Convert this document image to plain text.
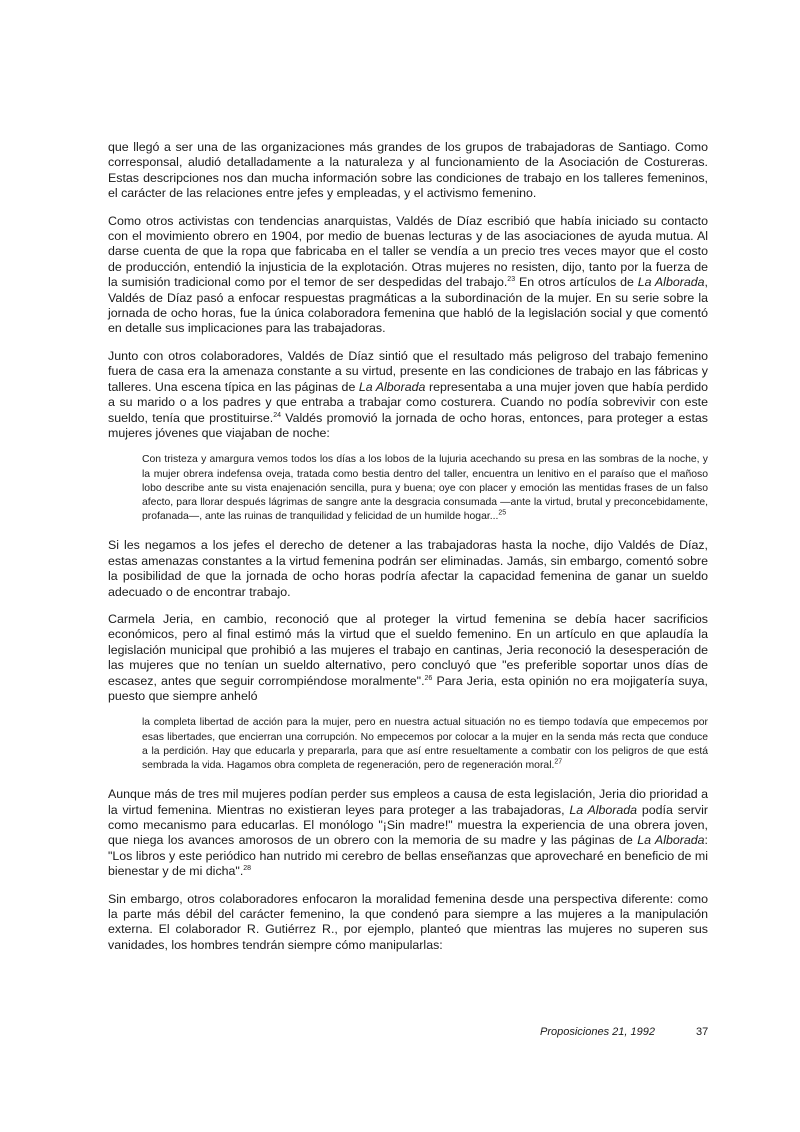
que llegó a ser una de las organizaciones más grandes de los grupos de trabajadoras de Santiago. Como corresponsal, aludió detalladamente a la naturaleza y al funcionamiento de la Asociación de Costureras. Estas descripciones nos dan mucha información sobre las condiciones de trabajo en los talleres femeninos, el carácter de las relaciones entre jefes y empleadas, y el activismo femenino.

Como otros activistas con tendencias anarquistas, Valdés de Díaz escribió que había iniciado su contacto con el movimiento obrero en 1904, por medio de buenas lecturas y de las asociaciones de ayuda mutua. Al darse cuenta de que la ropa que fabricaba en el taller se vendía a un precio tres veces mayor que el costo de producción, entendió la injusticia de la explotación. Otras mujeres no resisten, dijo, tanto por la fuerza de la sumisión tradicional como por el temor de ser despedidas del trabajo.$^{23}$ En otros artículos de La Alborada, Valdés de Díaz pasó a enfocar respuestas pragmáticas a la subordinación de la mujer. En su serie sobre la jornada de ocho horas, fue la única colaboradora femenina que habló de la legislación social y que comentó en detalle sus implicaciones para las trabajadoras.

Junto con otros colaboradores, Valdés de Díaz sintió que el resultado más peligroso del trabajo femenino fuera de casa era la amenaza constante a su virtud, presente en las condiciones de trabajo en las fábricas y talleres. Una escena típica en las páginas de La Alborada representaba a una mujer joven que había perdido a su marido o a los padres y que entraba a trabajar como costurera. Cuando no podía sobrevivir con este sueldo, tenía que prostituirse.$^{24}$ Valdés promovió la jornada de ocho horas, entonces, para proteger a estas mujeres jóvenes que viajaban de noche:

Con tristeza y amargura vemos todos los días a los lobos de la lujuria acechando su presa en las sombras de la noche, y la mujer obrera indefensa oveja, tratada como bestia dentro del taller, encuentra un lenitivo en el paraíso que el mañoso lobo describe ante su vista enajenación sencilla, pura y buena; oye con placer y emoción las mentidas frases de un falso afecto, para llorar después lágrimas de sangre ante la desgracia consumada —ante la virtud, brutal y preconcebidamente, profanada—, ante las ruinas de tranquilidad y felicidad de un humilde hogar...$^{25}$

Si les negamos a los jefes el derecho de detener a las trabajadoras hasta la noche, dijo Valdés de Díaz, estas amenazas constantes a la virtud femenina podrán ser eliminadas. Jamás, sin embargo, comentó sobre la posibilidad de que la jornada de ocho horas podría afectar la capacidad femenina de ganar un sueldo adecuado o de encontrar trabajo.

Carmela Jeria, en cambio, reconoció que al proteger la virtud femenina se debía hacer sacrificios económicos, pero al final estimó más la virtud que el sueldo femenino. En un artículo en que aplaudía la legislación municipal que prohibió a las mujeres el trabajo en cantinas, Jeria reconoció la desesperación de las mujeres que no tenían un sueldo alternativo, pero concluyó que "es preferible soportar unos días de escasez, antes que seguir corrompiéndose moralmente".$^{26}$ Para Jeria, esta opinión no era mojigatería suya, puesto que siempre anheló

la completa libertad de acción para la mujer, pero en nuestra actual situación no es tiempo todavía que empecemos por esas libertades, que encierran una corrupción. No empecemos por colocar a la mujer en la senda más recta que conduce a la perdición. Hay que educarla y prepararla, para que así entre resueltamente a combatir con los peligros de que está sembrada la vida. Hagamos obra completa de regeneración, pero de regeneración moral.$^{27}$

Aunque más de tres mil mujeres podían perder sus empleos a causa de esta legislación, Jeria dio prioridad a la virtud femenina. Mientras no existieran leyes para proteger a las trabajadoras, La Alborada podía servir como mecanismo para educarlas. El monólogo "¡Sin madre!" muestra la experiencia de una obrera joven, que niega los avances amorosos de un obrero con la memoria de su madre y las páginas de La Alborada: "Los libros y este periódico han nutrido mi cerebro de bellas enseñanzas que aprovecharé en beneficio de mi bienestar y de mi dicha".$^{28}$

Sin embargo, otros colaboradores enfocaron la moralidad femenina desde una perspectiva diferente: como la parte más débil del carácter femenino, la que condenó para siempre a las mujeres a la manipulación externa. El colaborador R. Gutiérrez R., por ejemplo, planteó que mientras las mujeres no superen sus vanidades, los hombres tendrán siempre cómo manipularlas:

Proposiciones 21, 1992	37
